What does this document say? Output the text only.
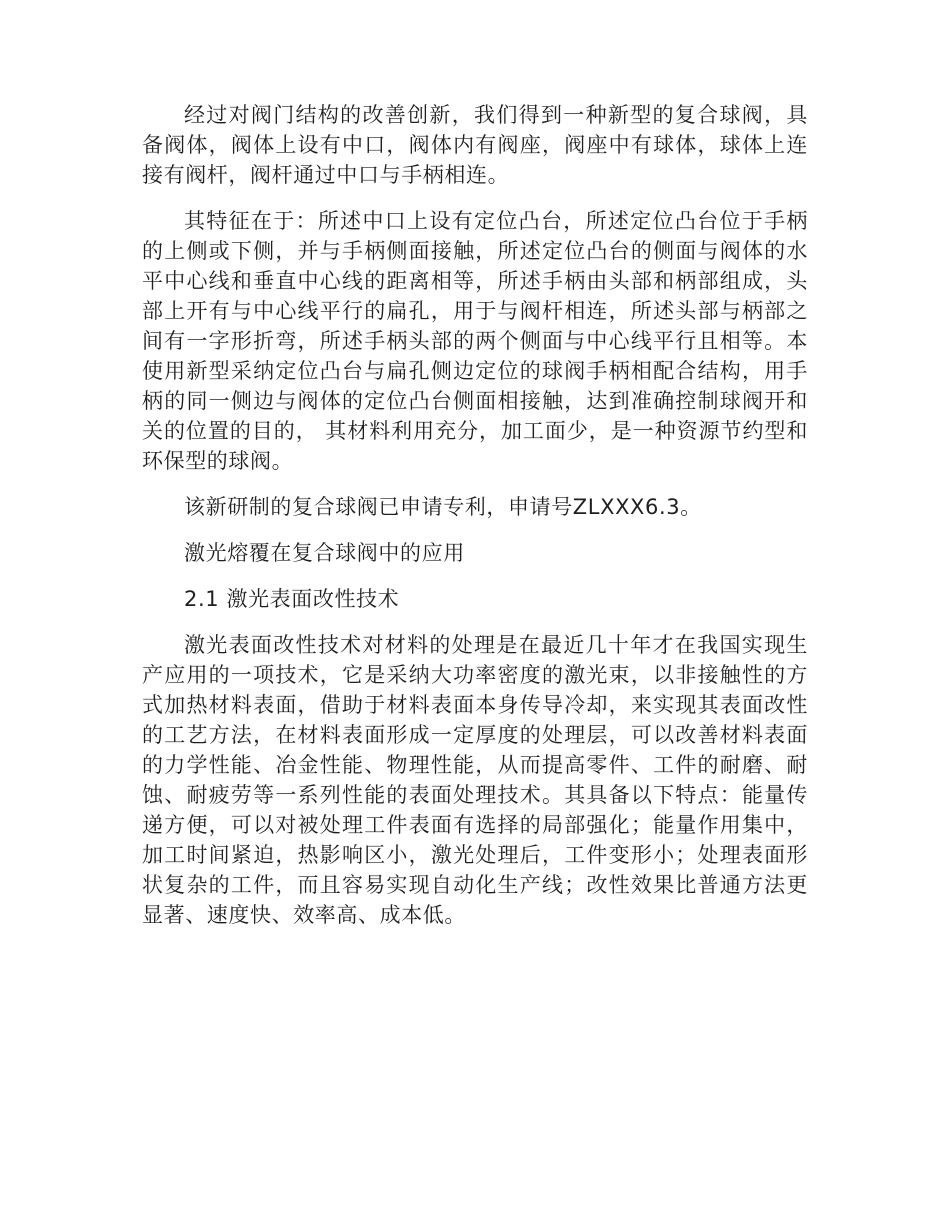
经过对阀门结构的改善创新，我们得到一种新型的复合球阀，具备阀体，阀体上设有中口，阀体内有阀座，阀座中有球体，球体上连接有阀杆，阀杆通过中口与手柄相连。

其特征在于：所述中口上设有定位凸台，所述定位凸台位于手柄的上侧或下侧，并与手柄侧面接触，所述定位凸台的侧面与阀体的水平中心线和垂直中心线的距离相等，所述手柄由头部和柄部组成，头部上开有与中心线平行的扁孔，用于与阀杆相连，所述头部与柄部之间有一字形折弯，所述手柄头部的两个侧面与中心线平行且相等。本使用新型采纳定位凸台与扁孔侧边定位的球阀手柄相配合结构，用手柄的同一侧边与阀体的定位凸台侧面相接触，达到准确控制球阀开和关的位置的目的， 其材料利用充分，加工面少，是一种资源节约型和环保型的球阀。

该新研制的复合球阀已申请专利，申请号ZLXXX6.3。

激光熔覆在复合球阀中的应用

2.1 激光表面改性技术

激光表面改性技术对材料的处理是在最近几十年才在我国实现生产应用的一项技术，它是采纳大功率密度的激光束，以非接触性的方式加热材料表面，借助于材料表面本身传导冷却，来实现其表面改性的工艺方法，在材料表面形成一定厚度的处理层，可以改善材料表面的力学性能、冶金性能、物理性能，从而提高零件、工件的耐磨、耐蚀、耐疲劳等一系列性能的表面处理技术。其具备以下特点：能量传递方便，可以对被处理工件表面有选择的局部强化；能量作用集中，加工时间紧迫，热影响区小，激光处理后，工件变形小；处理表面形状复杂的工件，而且容易实现自动化生产线；改性效果比普通方法更显著、速度快、效率高、成本低。
